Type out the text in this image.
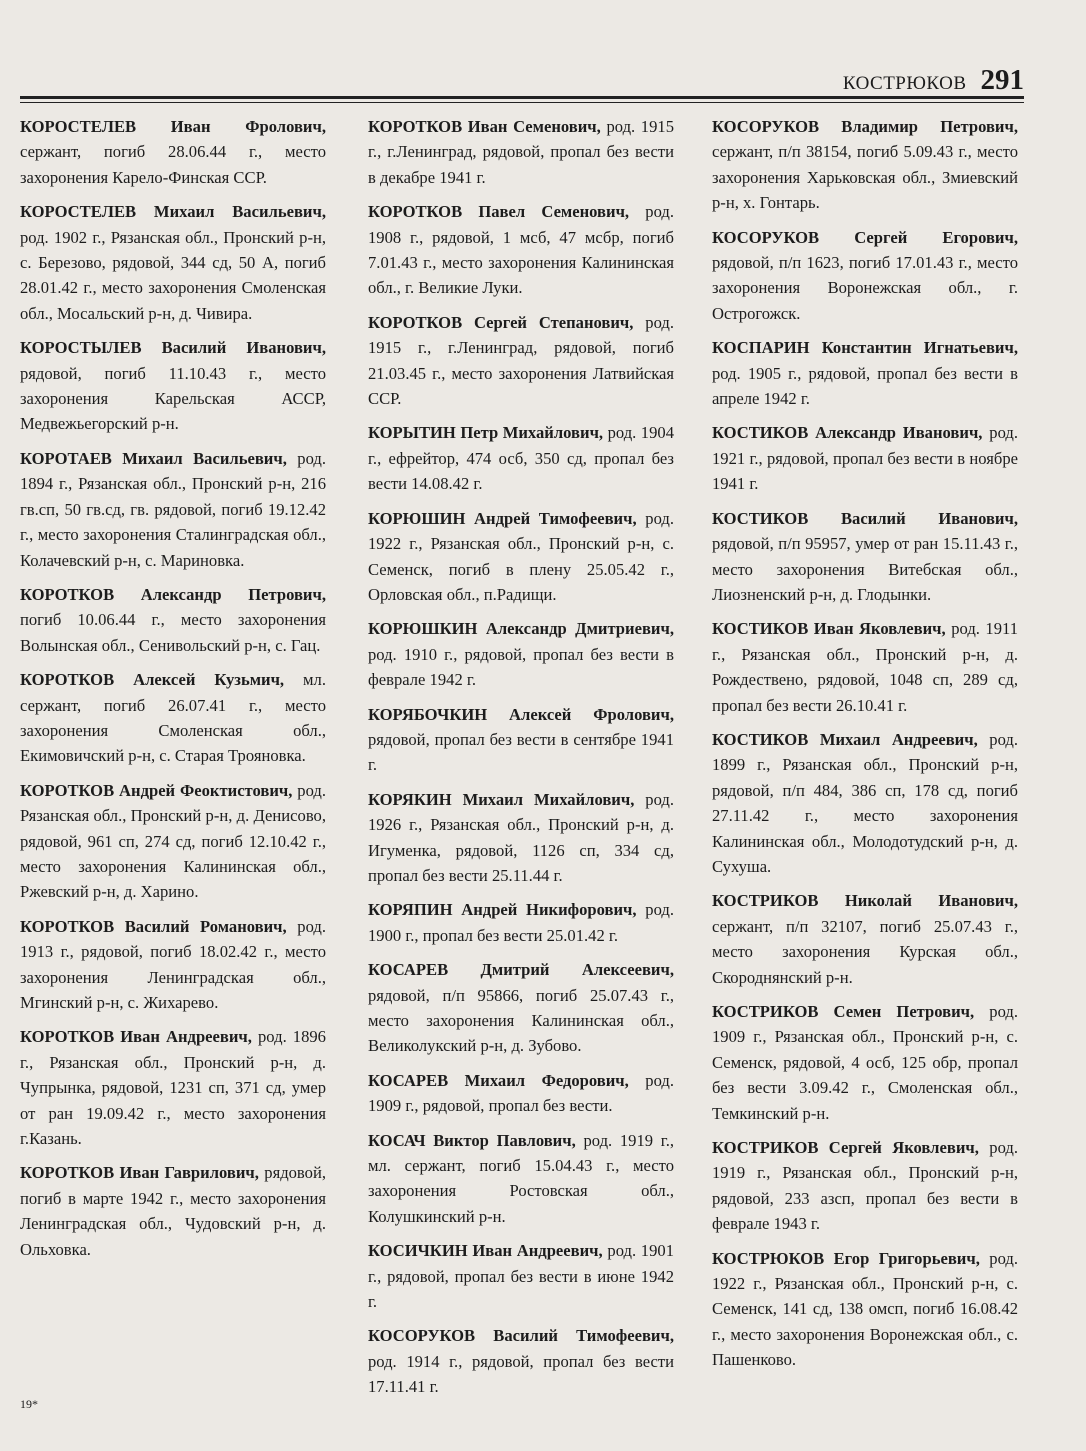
КОСТРЮКОВ 291

КОРОСТЕЛЕВ Иван Фролович, сержант, погиб 28.06.44 г., место захоронения Карело-Финская ССР.

КОРОСТЕЛЕВ Михаил Васильевич, род. 1902 г., Рязанская обл., Пронский р-н, с. Березово, рядовой, 344 сд, 50 А, погиб 28.01.42 г., место захоронения Смоленская обл., Мосальский р-н, д. Чивира.

КОРОСТЫЛЕВ Василий Иванович, рядовой, погиб 11.10.43 г., место захоронения Карельская АССР, Медвежьегорский р-н.

КОРОТАЕВ Михаил Васильевич, род. 1894 г., Рязанская обл., Пронский р-н, 216 гв.сп, 50 гв.сд, гв. рядовой, погиб 19.12.42 г., место захоронения Сталинградская обл., Колачевский р-н, с. Мариновка.

КОРОТКОВ Александр Петрович, погиб 10.06.44 г., место захоронения Волынская обл., Сенивольский р-н, с. Гац.

КОРОТКОВ Алексей Кузьмич, мл. сержант, погиб 26.07.41 г., место захоронения Смоленская обл., Екимовичский р-н, с. Старая Трояновка.

КОРОТКОВ Андрей Феоктистович, род. Рязанская обл., Пронский р-н, д. Денисово, рядовой, 961 сп, 274 сд, погиб 12.10.42 г., место захоронения Калининская обл., Ржевский р-н, д. Харино.

КОРОТКОВ Василий Романович, род. 1913 г., рядовой, погиб 18.02.42 г., место захоронения Ленинградская обл., Мгинский р-н, с. Жихарево.

КОРОТКОВ Иван Андреевич, род. 1896 г., Рязанская обл., Пронский р-н, д. Чупрынка, рядовой, 1231 сп, 371 сд, умер от ран 19.09.42 г., место захоронения г.Казань.

КОРОТКОВ Иван Гаврилович, рядовой, погиб в марте 1942 г., место захоронения Ленинградская обл., Чудовский р-н, д. Ольховка.

КОРОТКОВ Иван Семенович, род. 1915 г., г.Ленинград, рядовой, пропал без вести в декабре 1941 г.

КОРОТКОВ Павел Семенович, род. 1908 г., рядовой, 1 мсб, 47 мсбр, погиб 7.01.43 г., место захоронения Калининская обл., г. Великие Луки.

КОРОТКОВ Сергей Степанович, род. 1915 г., г.Ленинград, рядовой, погиб 21.03.45 г., место захоронения Латвийская ССР.

КОРЫТИН Петр Михайлович, род. 1904 г., ефрейтор, 474 осб, 350 сд, пропал без вести 14.08.42 г.

КОРЮШИН Андрей Тимофеевич, род. 1922 г., Рязанская обл., Пронский р-н, с. Семенск, погиб в плену 25.05.42 г., Орловская обл., п.Радищи.

КОРЮШКИН Александр Дмитриевич, род. 1910 г., рядовой, пропал без вести в феврале 1942 г.

КОРЯБОЧКИН Алексей Фролович, рядовой, пропал без вести в сентябре 1941 г.

КОРЯКИН Михаил Михайлович, род. 1926 г., Рязанская обл., Пронский р-н, д. Игуменка, рядовой, 1126 сп, 334 сд, пропал без вести 25.11.44 г.

КОРЯПИН Андрей Никифорович, род. 1900 г., пропал без вести 25.01.42 г.

КОСАРЕВ Дмитрий Алексеевич, рядовой, п/п 95866, погиб 25.07.43 г., место захоронения Калининская обл., Великолукский р-н, д. Зубово.

КОСАРЕВ Михаил Федорович, род. 1909 г., рядовой, пропал без вести.

КОСАЧ Виктор Павлович, род. 1919 г., мл. сержант, погиб 15.04.43 г., место захоронения Ростовская обл., Колушкинский р-н.

КОСИЧКИН Иван Андреевич, род. 1901 г., рядовой, пропал без вести в июне 1942 г.

КОСОРУКОВ Василий Тимофеевич, род. 1914 г., рядовой, пропал без вести 17.11.41 г.

КОСОРУКОВ Владимир Петрович, сержант, п/п 38154, погиб 5.09.43 г., место захоронения Харьковская обл., Змиевский р-н, х. Гонтарь.

КОСОРУКОВ Сергей Егорович, рядовой, п/п 1623, погиб 17.01.43 г., место захоронения Воронежская обл., г. Острогожск.

КОСПАРИН Константин Игнатьевич, род. 1905 г., рядовой, пропал без вести в апреле 1942 г.

КОСТИКОВ Александр Иванович, род. 1921 г., рядовой, пропал без вести в ноябре 1941 г.

КОСТИКОВ Василий Иванович, рядовой, п/п 95957, умер от ран 15.11.43 г., место захоронения Витебская обл., Лиозненский р-н, д. Глодынки.

КОСТИКОВ Иван Яковлевич, род. 1911 г., Рязанская обл., Пронский р-н, д. Рождествено, рядовой, 1048 сп, 289 сд, пропал без вести 26.10.41 г.

КОСТИКОВ Михаил Андреевич, род. 1899 г., Рязанская обл., Пронский р-н, рядовой, п/п 484, 386 сп, 178 сд, погиб 27.11.42 г., место захоронения Калининская обл., Молодотудский р-н, д. Сухуша.

КОСТРИКОВ Николай Иванович, сержант, п/п 32107, погиб 25.07.43 г., место захоронения Курская обл., Скороднянский р-н.

КОСТРИКОВ Семен Петрович, род. 1909 г., Рязанская обл., Пронский р-н, с. Семенск, рядовой, 4 осб, 125 обр, пропал без вести 3.09.42 г., Смоленская обл., Темкинский р-н.

КОСТРИКОВ Сергей Яковлевич, род. 1919 г., Рязанская обл., Пронский р-н, рядовой, 233 азсп, пропал без вести в феврале 1943 г.

КОСТРЮКОВ Егор Григорьевич, род. 1922 г., Рязанская обл., Пронский р-н, с. Семенск, 141 сд, 138 омсп, погиб 16.08.42 г., место захоронения Воронежская обл., с. Пашенково.

19*
